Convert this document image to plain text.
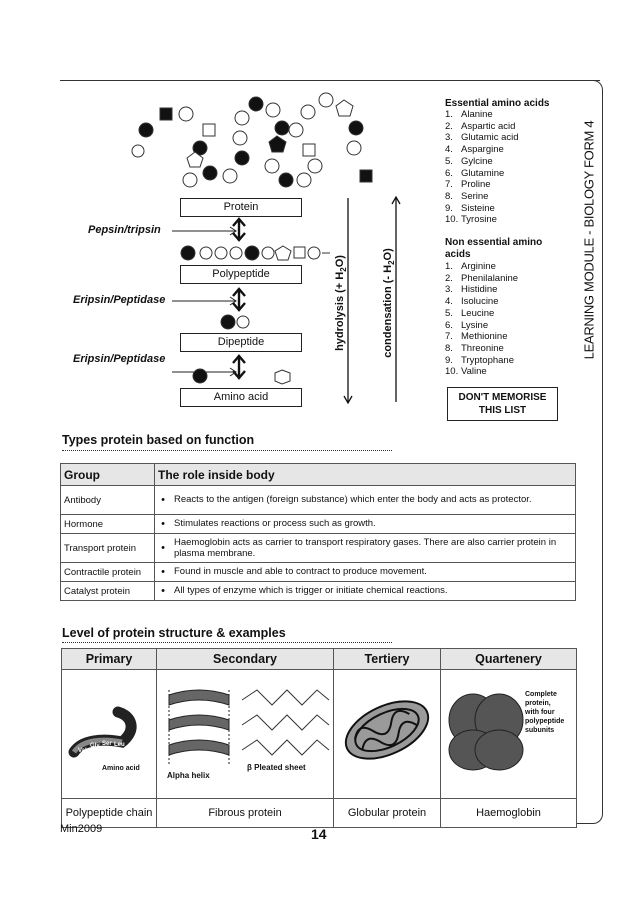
LEARNING MODULE - BIOLOGY FORM 4
Protein
Polypeptide
Dipeptide
Amino acid
Pepsin/tripsin
Eripsin/Peptidase
Eripsin/Peptidase
hydrolysis (+ $H_2O$)
condensation (- $H_2O$)
Essential amino acids
1. Alanine
2. Aspartic acid
3. Glutamic acid
4. Aspargine
5. Gylcine
6. Glutamine
7. Proline
8. Serine
9. Sisteine
10. Tyrosine
Non essential amino acids
1. Arginine
2. Phenilalanine
3. Histidine
4. Isolucine
5. Leucine
6. Lysine
7. Methionine
8. Threonine
9. Tryptophane
10. Valine
DON'T MEMORISE THIS LIST
Types protein based on function
Group	The role inside body	
Antibody	•	Reacts to the antigen (foreign substance) which enter the body and acts as protector.
Hormone	•	Stimulates reactions or process such as growth.
Transport protein	•	Haemoglobin acts as carrier to transport respiratory gases. There are also carrier protein in plasma membrane.
Contractile protein	•	Found in muscle and able to contract to produce movement.
Catalyst protein	•	All types of enzyme which is trigger or initiate chemical reactions.
Level of protein structure & examples
Primary	Secondary	Tertiery	Quartenery

Val
Gly Ser Leu
Amino acid	Alpha helix
β Pleated sheet		Complete protein, with four polypeptide subunits

Polypeptide chain	Fibrous protein	Globular protein	Haemoglobin
Min2009	14
